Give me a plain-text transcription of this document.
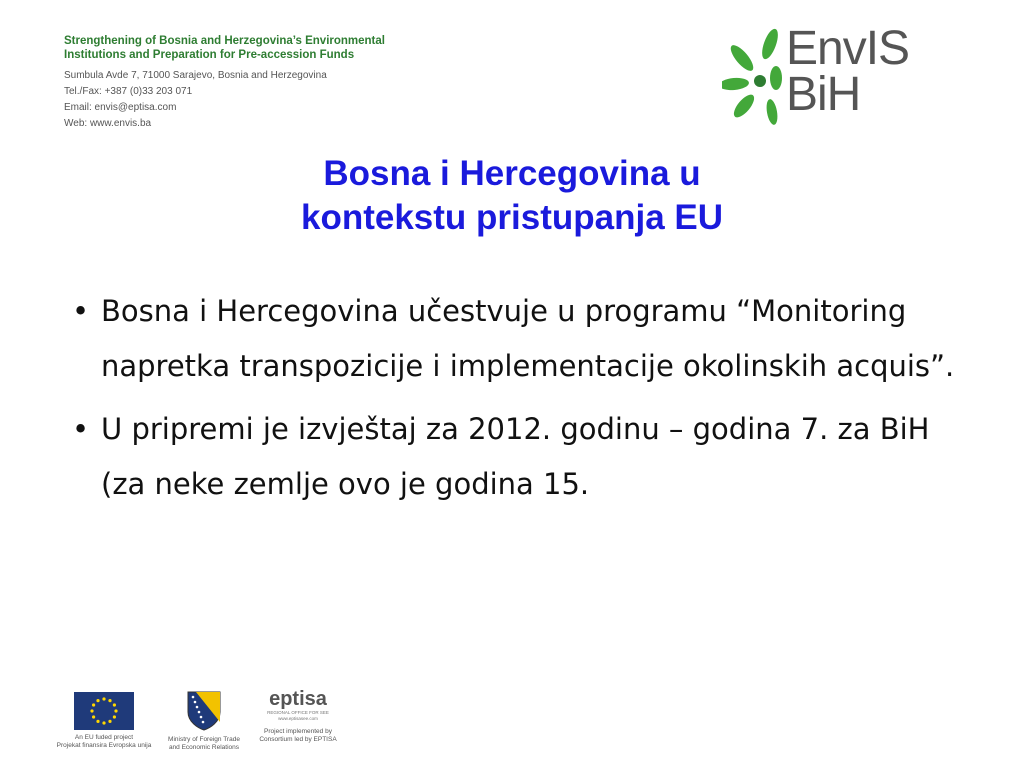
Strengthening of Bosnia and Herzegovina’s Environmental
Institutions and Preparation for Pre-accession Funds
Sumbula Avde 7, 71000 Sarajevo, Bosnia and Herzegovina
Tel./Fax: +387 (0)33 203 071
Email: envis@eptisa.com
Web: www.envis.ba
EnvIS
BiH
Bosna i Hercegovina u
kontekstu pristupanja EU
• Bosna i Hercegovina učestvuje u programu “Monitoring napretka transpozicije i implementacije okolinskih acquis”.
• U pripremi je izvještaj za 2012. godinu – godina 7. za BiH (za neke zemlje ovo je godina 15.
An EU fuded project
Projekat finansira Evropska unija
Ministry of Foreign Trade
and Economic Relations
eptisa
REGIONAL OFFICE FOR SEE
www.eptisasee.com
Project implemented by
Consortium led by EPTISA
